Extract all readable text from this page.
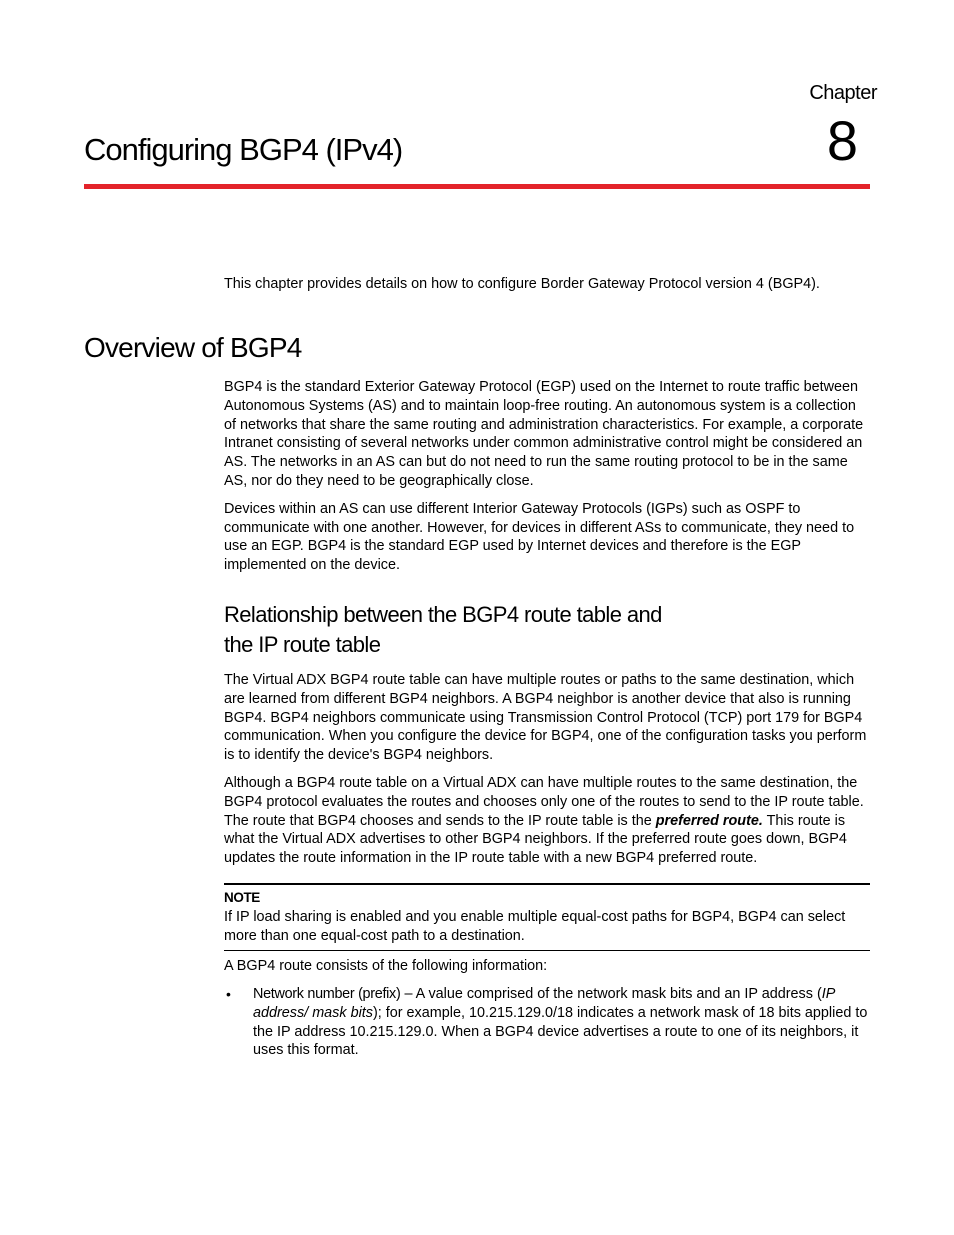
Chapter
8
Configuring BGP4 (IPv4)

This chapter provides details on how to configure Border Gateway Protocol version 4 (BGP4).

Overview of BGP4

BGP4 is the standard Exterior Gateway Protocol (EGP) used on the Internet to route traffic between Autonomous Systems (AS) and to maintain loop-free routing. An autonomous system is a collection of networks that share the same routing and administration characteristics. For example, a corporate Intranet consisting of several networks under common administrative control might be considered an AS. The networks in an AS can but do not need to run the same routing protocol to be in the same AS, nor do they need to be geographically close.

Devices within an AS can use different Interior Gateway Protocols (IGPs) such as OSPF to communicate with one another. However, for devices in different ASs to communicate, they need to use an EGP. BGP4 is the standard EGP used by Internet devices and therefore is the EGP implemented on the device.

Relationship between the BGP4 route table and
the IP route table

The Virtual ADX BGP4 route table can have multiple routes or paths to the same destination, which are learned from different BGP4 neighbors. A BGP4 neighbor is another device that also is running BGP4. BGP4 neighbors communicate using Transmission Control Protocol (TCP) port 179 for BGP4 communication. When you configure the device for BGP4, one of the configuration tasks you perform is to identify the device's BGP4 neighbors.

Although a BGP4 route table on a Virtual ADX can have multiple routes to the same destination, the BGP4 protocol evaluates the routes and chooses only one of the routes to send to the IP route table. The route that BGP4 chooses and sends to the IP route table is the preferred route. This route is what the Virtual ADX advertises to other BGP4 neighbors. If the preferred route goes down, BGP4 updates the route information in the IP route table with a new BGP4 preferred route.

NOTE
If IP load sharing is enabled and you enable multiple equal-cost paths for BGP4, BGP4 can select more than one equal-cost path to a destination.

A BGP4 route consists of the following information:

• Network number (prefix) – A value comprised of the network mask bits and an IP address (IP address/ mask bits); for example, 10.215.129.0/18 indicates a network mask of 18 bits applied to the IP address 10.215.129.0. When a BGP4 device advertises a route to one of its neighbors, it uses this format.
